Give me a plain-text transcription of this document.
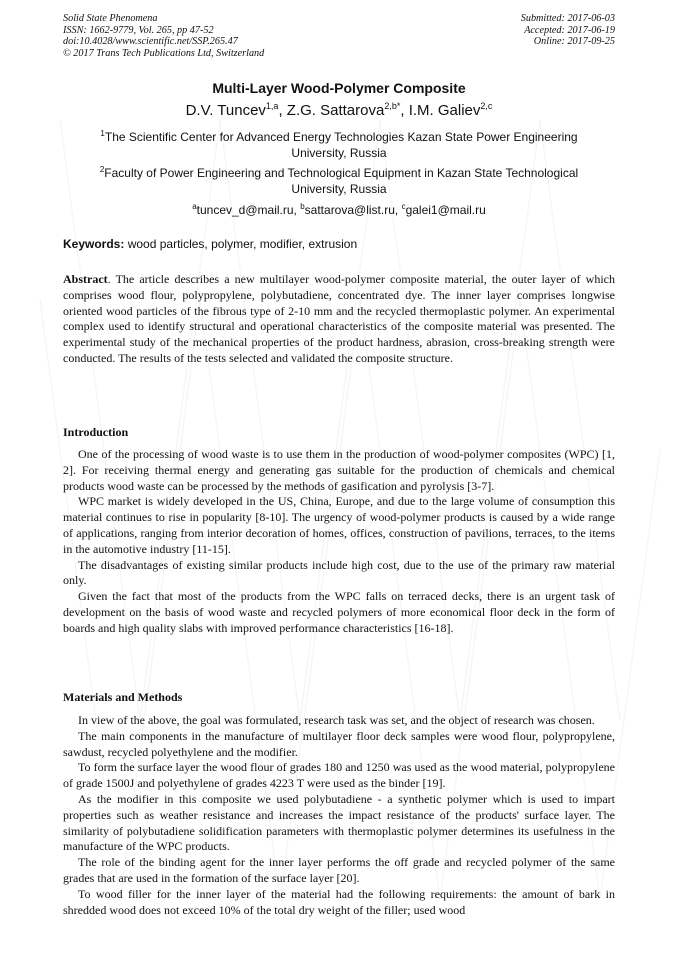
Solid State Phenomena
ISSN: 1662-9779, Vol. 265, pp 47-52
doi:10.4028/www.scientific.net/SSP.265.47
© 2017 Trans Tech Publications Ltd, Switzerland
Submitted: 2017-06-03
Accepted: 2017-06-19
Online: 2017-09-25
Multi-Layer Wood-Polymer Composite
D.V. Tuncev$^{1,a}$, Z.G. Sattarova$^{2,b*}$, I.M. Galiev$^{2,c}$
$^1$The Scientific Center for Advanced Energy Technologies Kazan State Power Engineering University, Russia
$^2$Faculty of Power Engineering and Technological Equipment in Kazan State Technological University, Russia
$^a$tuncev_d@mail.ru, $^b$sattarova@list.ru, $^c$galei1@mail.ru
Keywords: wood particles, polymer, modifier, extrusion
Abstract. The article describes a new multilayer wood-polymer composite material, the outer layer of which comprises wood flour, polypropylene, polybutadiene, concentrated dye. The inner layer comprises longwise oriented wood particles of the fibrous type of 2-10 mm and the recycled thermoplastic polymer. An experimental complex used to identify structural and operational characteristics of the composite material was presented. The experimental study of the mechanical properties of the product hardness, abrasion, cross-breaking strength were conducted. The results of the tests selected and validated the composite structure.
Introduction

One of the processing of wood waste is to use them in the production of wood-polymer composites (WPC) [1, 2]. For receiving thermal energy and generating gas suitable for the production of chemicals and chemical products wood waste can be processed by the methods of gasification and pyrolysis [3-7].

WPC market is widely developed in the US, China, Europe, and due to the large volume of consumption this material continues to rise in popularity [8-10]. The urgency of wood-polymer products is caused by a wide range of applications, ranging from interior decoration of homes, offices, construction of pavilions, terraces, to the items in the automotive industry [11-15].

The disadvantages of existing similar products include high cost, due to the use of the primary raw material only.

Given the fact that most of the products from the WPC falls on terraced decks, there is an urgent task of development on the basis of wood waste and recycled polymers of more economical floor deck in the form of boards and high quality slabs with improved performance characteristics [16-18].

Materials and Methods

In view of the above, the goal was formulated, research task was set, and the object of research was chosen.

The main components in the manufacture of multilayer floor deck samples were wood flour, polypropylene, sawdust, recycled polyethylene and the modifier.

To form the surface layer the wood flour of grades 180 and 1250 was used as the wood material, polypropylene of grade 1500J and polyethylene of grades 4223 T were used as the binder [19].

As the modifier in this composite we used polybutadiene - a synthetic polymer which is used to impart properties such as weather resistance and increases the impact resistance of the products' surface layer. The similarity of polybutadiene solidification parameters with thermoplastic polymer determines its usefulness in the manufacture of the WPC products.

The role of the binding agent for the inner layer performs the off grade and recycled polymer of the same grades that are used in the formation of the surface layer [20].

To wood filler for the inner layer of the material had the following requirements: the amount of bark in shredded wood does not exceed 10% of the total dry weight of the filler; used wood
